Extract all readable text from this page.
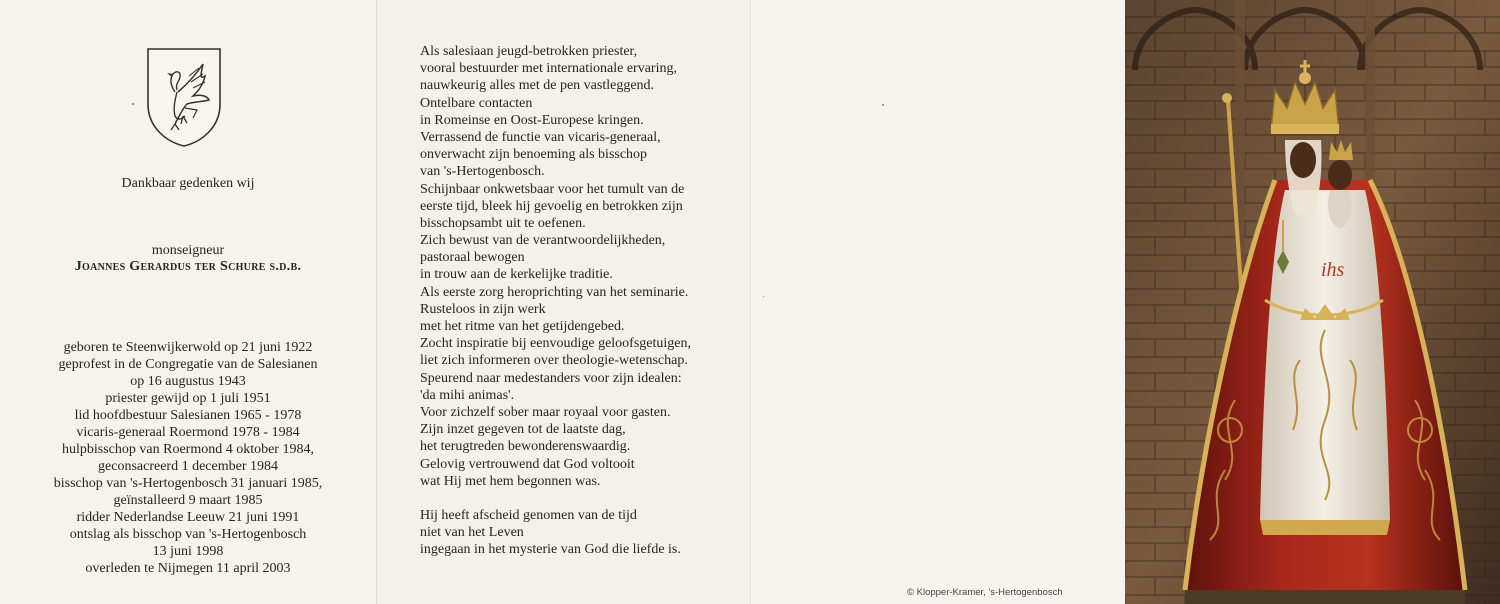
Dankbaar gedenken wij
monseigneur
Joannes Gerardus ter Schure s.d.b.
geboren te Steenwijkerwold op 21 juni 1922
geprofest in de Congregatie van de Salesianen
op 16 augustus 1943
priester gewijd op 1 juli 1951
lid hoofdbestuur Salesianen 1965 - 1978
vicaris-generaal Roermond 1978 - 1984
hulpbisschop van Roermond 4 oktober 1984,
geconsacreerd 1 december 1984
bisschop van 's-Hertogenbosch 31 januari 1985,
geïnstalleerd 9 maart 1985
ridder Nederlandse Leeuw 21 juni 1991
ontslag als bisschop van 's-Hertogenbosch
13 juni 1998
overleden te Nijmegen 11 april 2003
Als salesiaan jeugd-betrokken priester,
vooral bestuurder met internationale ervaring,
nauwkeurig alles met de pen vastleggend.
Ontelbare contacten
in Romeinse en Oost-Europese kringen.
Verrassend de functie van vicaris-generaal,
onverwacht zijn benoeming als bisschop
van 's-Hertogenbosch.
Schijnbaar onkwetsbaar voor het tumult van de
eerste tijd, bleek hij gevoelig en betrokken zijn
bisschopsambt uit te oefenen.
Zich bewust van de verantwoordelijkheden,
pastoraal bewogen
in trouw aan de kerkelijke traditie.
Als eerste zorg heroprichting van het seminarie.
Rusteloos in zijn werk
met het ritme van het getijdengebed.
Zocht inspiratie bij eenvoudige geloofsgetuigen,
liet zich informeren over theologie-wetenschap.
Speurend naar medestanders voor zijn idealen:
'da mihi animas'.
Voor zichzelf sober maar royaal voor gasten.
Zijn inzet gegeven tot de laatste dag,
het terugtreden bewonderenswaardig.
Gelovig vertrouwend dat God voltooit
wat Hij met hem begonnen was.
Hij heeft afscheid genomen van de tijd
niet van het Leven
ingegaan in het mysterie van God die liefde is.
© Klopper-Kramer, 's-Hertogenbosch
ihs
